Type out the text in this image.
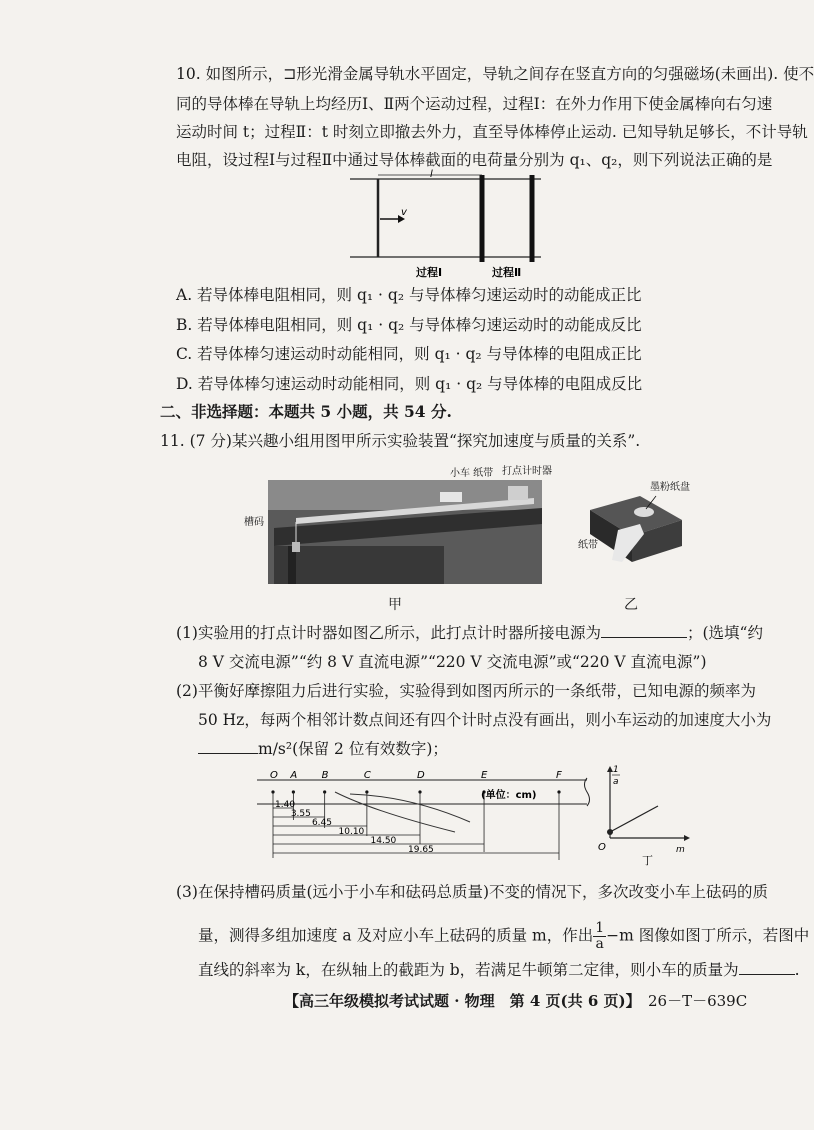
10. 如图所示，⊐形光滑金属导轨水平固定，导轨之间存在竖直方向的匀强磁场(未画出). 使不
同的导体棒在导轨上均经历Ⅰ、Ⅱ两个运动过程，过程Ⅰ：在外力作用下使金属棒向右匀速
运动时间 t；过程Ⅱ：t 时刻立即撤去外力，直至导体棒停止运动. 已知导轨足够长，不计导轨
电阻，设过程Ⅰ与过程Ⅱ中通过导体棒截面的电荷量分别为 q₁、q₂，则下列说法正确的是
l
v
过程Ⅰ	过程Ⅱ
A. 若导体棒电阻相同，则 q₁ · q₂ 与导体棒匀速运动时的动能成正比
B. 若导体棒电阻相同，则 q₁ · q₂ 与导体棒匀速运动时的动能成反比
C. 若导体棒匀速运动时动能相同，则 q₁ · q₂ 与导体棒的电阻成正比
D. 若导体棒匀速运动时动能相同，则 q₁ · q₂ 与导体棒的电阻成反比
二、非选择题：本题共 5 小题，共 54 分.
11. (7 分)某兴趣小组用图甲所示实验装置“探究加速度与质量的关系”.
槽码
小车 纸带 打点计时器
墨粉纸盘
纸带
甲	乙
(1)实验用的打点计时器如图乙所示，此打点计时器所接电源为	；(选填“约
8 V 交流电源”“约 8 V 直流电源”“220 V 交流电源”或“220 V 直流电源”)
(2)平衡好摩擦阻力后进行实验，实验得到如图丙所示的一条纸带，已知电源的频率为
50 Hz，每两个相邻计数点间还有四个计时点没有画出，则小车运动的加速度大小为
m/s²(保留 2 位有效数字)；
O A B	C	D	E	F
1.40
3.55
6.45
10.10
14.50
19.65
(单位：cm)
1
a
m
O
丁
(3)在保持槽码质量(远小于小车和砝码总质量)不变的情况下，多次改变小车上砝码的质
量，测得多组加速度 a 及对应小车上砝码的质量 m，作出 $\frac{1}{a} -m$ 图像如图丁所示，若图中
直线的斜率为 k，在纵轴上的截距为 b，若满足牛顿第二定律，则小车的质量为	.
【高三年级模拟考试试题 · 物理　第 4 页(共 6 页)】 26－T－639C
